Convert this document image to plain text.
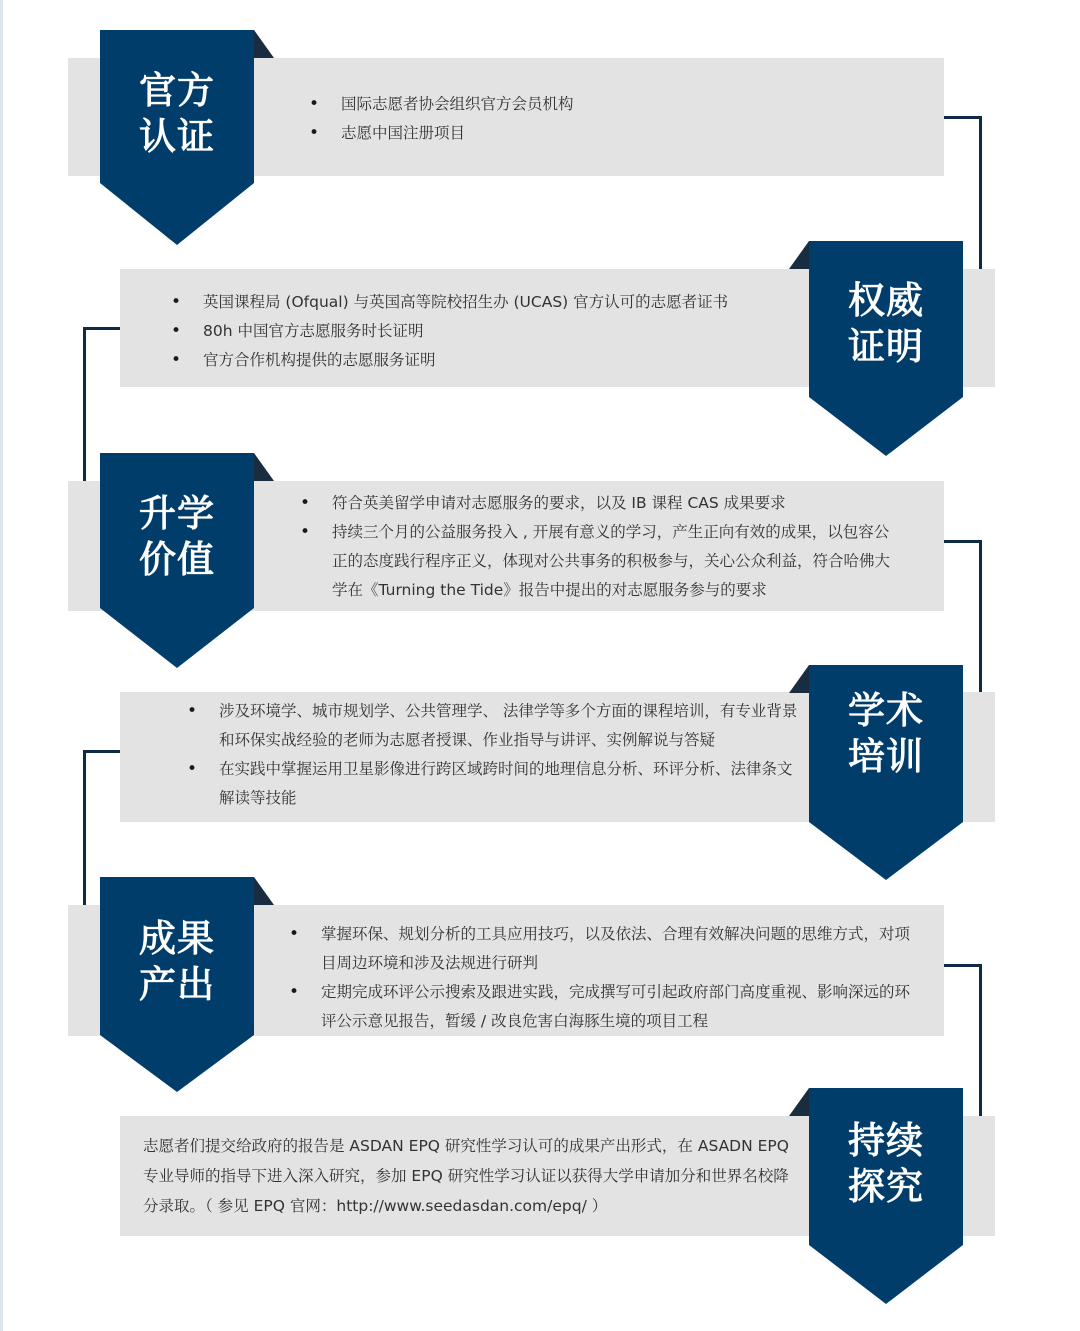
官方
认证
• 国际志愿者协会组织官方会员机构
• 志愿中国注册项目
权威
证明
• 英国课程局 (Ofqual) 与英国高等院校招生办 (UCAS) 官方认可的志愿者证书
• 80h 中国官方志愿服务时长证明
• 官方合作机构提供的志愿服务证明
升学
价值
• 符合英美留学申请对志愿服务的要求，以及 IB 课程 CAS 成果要求
• 持续三个月的公益服务投入 , 开展有意义的学习，产生正向有效的成果，以包容公正的态度践行程序正义，体现对公共事务的积极参与，关心公众利益，符合哈佛大学在《Turning the Tide》报告中提出的对志愿服务参与的要求
学术
培训
• 涉及环境学、城市规划学、公共管理学、 法律学等多个方面的课程培训，有专业背景和环保实战经验的老师为志愿者授课、作业指导与讲评、实例解说与答疑
• 在实践中掌握运用卫星影像进行跨区域跨时间的地理信息分析、环评分析、法律条文解读等技能
成果
产出
• 掌握环保、规划分析的工具应用技巧，以及依法、合理有效解决问题的思维方式，对项目周边环境和涉及法规进行研判
• 定期完成环评公示搜索及跟进实践，完成撰写可引起政府部门高度重视、影响深远的环评公示意见报告，暂缓 / 改良危害白海豚生境的项目工程
持续
探究
志愿者们提交给政府的报告是 ASDAN EPQ 研究性学习认可的成果产出形式，在 ASADN EPQ 专业导师的指导下进入深入研究，参加 EPQ 研究性学习认证以获得大学申请加分和世界名校降分录取。（ 参见 EPQ 官网：http://www.seedasdan.com/epq/ ）
